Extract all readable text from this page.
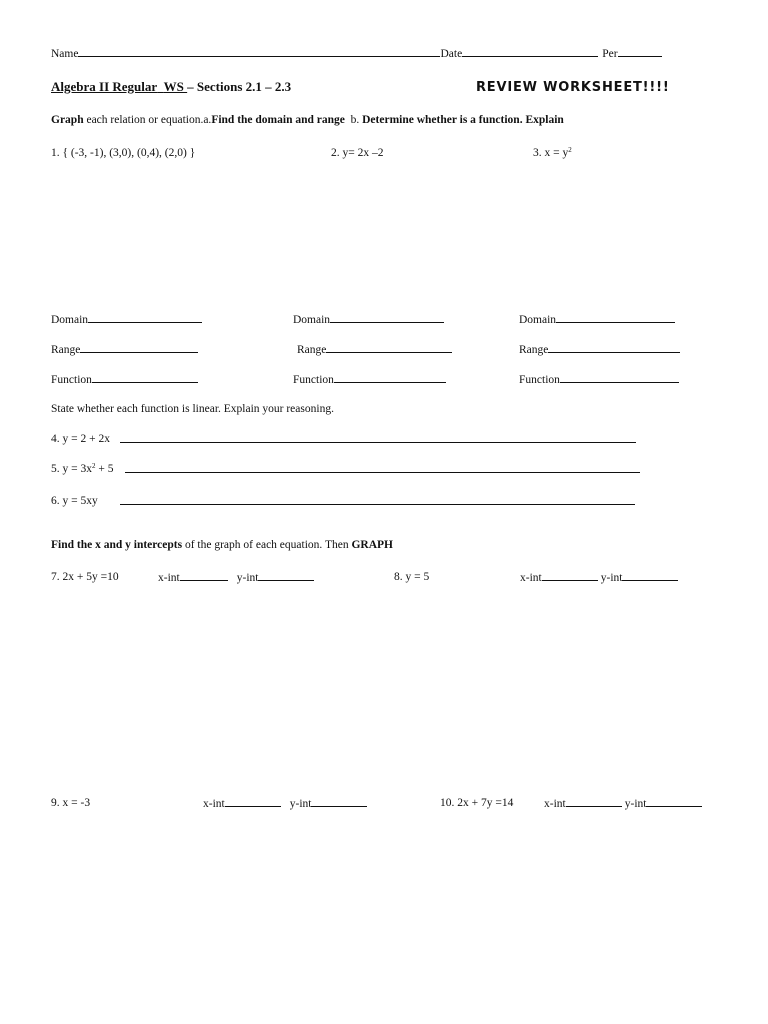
Name	Date	Per
Algebra II Regular WS – Sections 2.1 – 2.3	REVIEW WORKSHEET!!!!
Graph each relation or equation.a.Find the domain and range  b. Determine whether is a function. Explain
1. { (-3, -1), (3,0), (0,4), (2,0) }	2. y= 2x –2	3. $x = y^2$
Domain	Domain	Domain
Range	Range	Range
Function	Function	Function
State whether each function is linear. Explain your reasoning.
4. y = 2 + 2x
5. $y = 3x^2 + 5$
6. y = 5xy
Find the x and y intercepts of the graph of each equation. Then GRAPH
7. 2x + 5y =10	x-int	y-int	8. y = 5	x-int	y-int
9. x = -3	x-int	y-int	10. 2x + 7y =14	x-int	y-int
